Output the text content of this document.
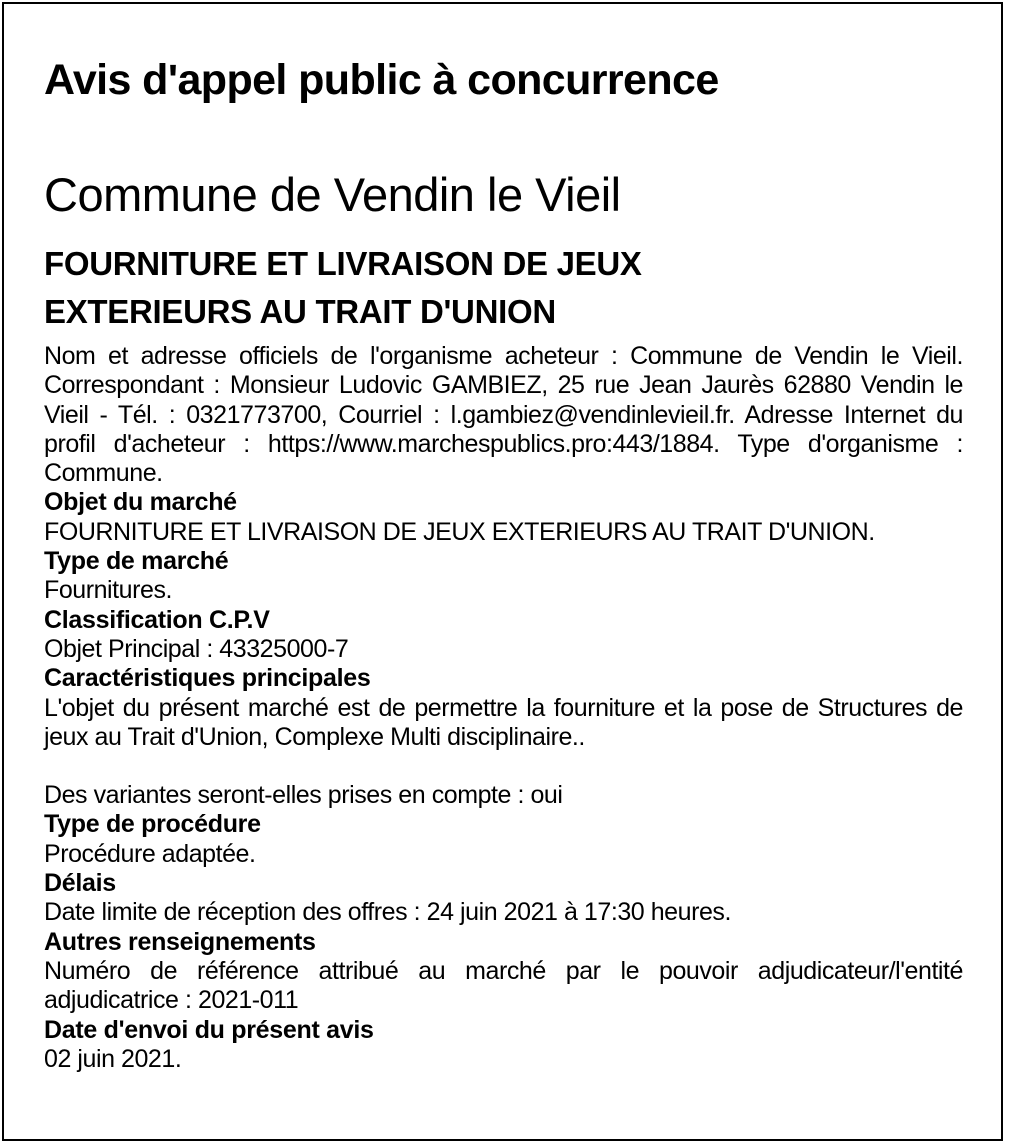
Avis d'appel public à concurrence
Commune de Vendin le Vieil
FOURNITURE ET LIVRAISON DE JEUX
EXTERIEURS AU TRAIT D'UNION

Nom et adresse officiels de l'organisme acheteur : Commune de Vendin le Vieil. Correspondant : Monsieur Ludovic GAMBIEZ, 25 rue Jean Jaurès 62880 Vendin le Vieil - Tél. : 0321773700, Courriel : l.gambiez@vendinlevieil.fr. Adresse Internet du profil d'acheteur : https://​www.marchespublics.pro:443/1884. Type d'organisme : Commune.

Objet du marché

FOURNITURE ET LIVRAISON DE JEUX EXTERIEURS AU TRAIT D'UNION.

Type de marché

Fournitures.

Classification C.P.V

Objet Principal : 43325000-7

Caractéristiques principales

L'objet du présent marché est de permettre la fourniture et la pose de Structures de jeux au Trait d'Union, Complexe Multi disciplinaire..

Des variantes seront-elles prises en compte : oui

Type de procédure

Procédure adaptée.

Délais

Date limite de réception des offres : 24 juin 2021 à 17:30 heures.

Autres renseignements

Numéro de référence attribué au marché par le pouvoir adjudicateur/l'entité adjudicatrice : 2021-011

Date d'envoi du présent avis

02 juin 2021.
